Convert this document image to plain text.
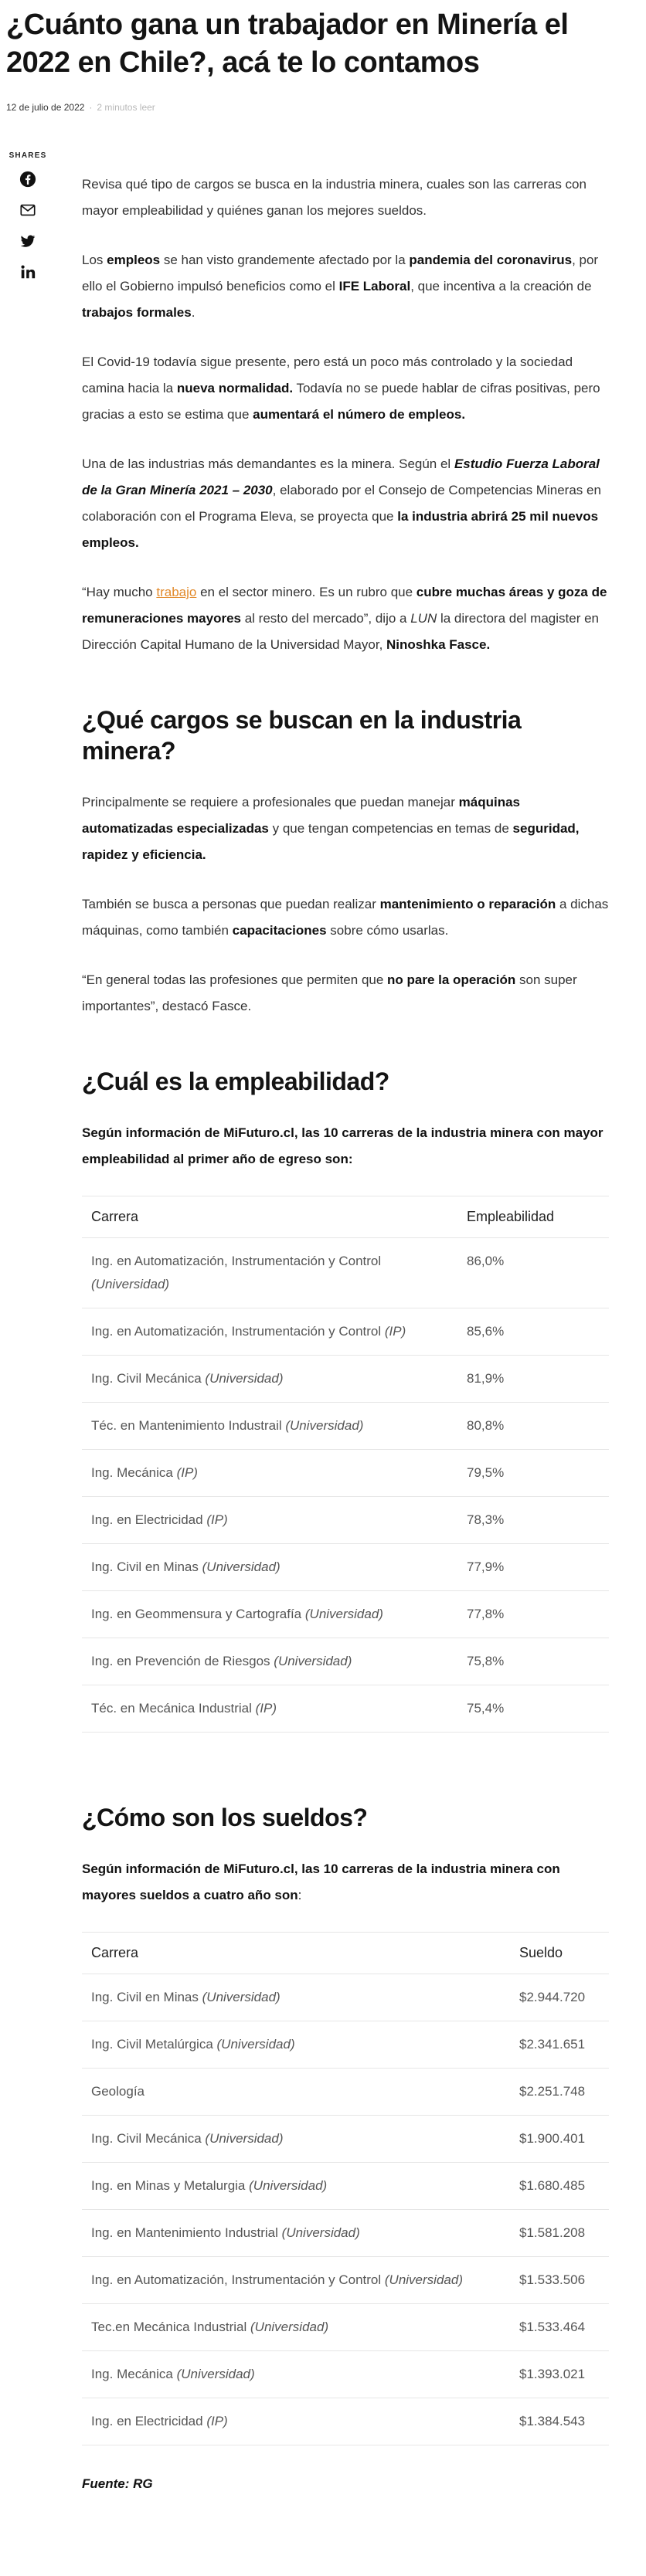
¿Cuánto gana un trabajador en Minería el 2022 en Chile?, acá te lo contamos
12 de julio de 2022 · 2 minutos leer
SHARES

Revisa qué tipo de cargos se busca en la industria minera, cuales son las carreras con mayor empleabilidad y quiénes ganan los mejores sueldos.

Los empleos se han visto grandemente afectado por la pandemia del coronavirus, por ello el Gobierno impulsó beneficios como el IFE Laboral, que incentiva a la creación de trabajos formales.

El Covid-19 todavía sigue presente, pero está un poco más controlado y la sociedad camina hacia la nueva normalidad. Todavía no se puede hablar de cifras positivas, pero gracias a esto se estima que aumentará el número de empleos.

Una de las industrias más demandantes es la minera. Según el Estudio Fuerza Laboral de la Gran Minería 2021 – 2030, elaborado por el Consejo de Competencias Mineras en colaboración con el Programa Eleva, se proyecta que la industria abrirá 25 mil nuevos empleos.

“Hay mucho trabajo en el sector minero. Es un rubro que cubre muchas áreas y goza de remuneraciones mayores al resto del mercado”, dijo a LUN la directora del magister en Dirección Capital Humano de la Universidad Mayor, Ninoshka Fasce.

¿Qué cargos se buscan en la industria minera?

Principalmente se requiere a profesionales que puedan manejar máquinas automatizadas especializadas y que tengan competencias en temas de seguridad, rapidez y eficiencia.

También se busca a personas que puedan realizar mantenimiento o reparación a dichas máquinas, como también capacitaciones sobre cómo usarlas.

“En general todas las profesiones que permiten que no pare la operación son super importantes”, destacó Fasce.

¿Cuál es la empleabilidad?

Según información de MiFuturo.cl, las 10 carreras de la industria minera con mayor empleabilidad al primer año de egreso son:

Carrera	Empleabilidad
Ing. en Automatización, Instrumentación y Control (Universidad)	86,0%
Ing. en Automatización, Instrumentación y Control (IP)	85,6%
Ing. Civil Mecánica (Universidad)	81,9%
Téc. en Mantenimiento Industrail (Universidad)	80,8%
Ing. Mecánica (IP)	79,5%
Ing. en Electricidad (IP)	78,3%
Ing. Civil en Minas (Universidad)	77,9%
Ing. en Geommensura y Cartografía (Universidad)	77,8%
Ing. en Prevención de Riesgos (Universidad)	75,8%
Téc. en Mecánica Industrial (IP)	75,4%
¿Cómo son los sueldos?

Según información de MiFuturo.cl, las 10 carreras de la industria minera con mayores sueldos a cuatro año son:

Carrera	Sueldo
Ing. Civil en Minas (Universidad)	$2.944.720
Ing. Civil Metalúrgica (Universidad)	$2.341.651
Geología	$2.251.748
Ing. Civil Mecánica (Universidad)	$1.900.401
Ing. en Minas y Metalurgia (Universidad)	$1.680.485
Ing. en Mantenimiento Industrial (Universidad)	$1.581.208
Ing. en Automatización, Instrumentación y Control (Universidad)	$1.533.506
Tec.en Mecánica Industrial (Universidad)	$1.533.464
Ing. Mecánica (Universidad)	$1.393.021
Ing. en Electricidad (IP)	$1.384.543

Fuente: RG
